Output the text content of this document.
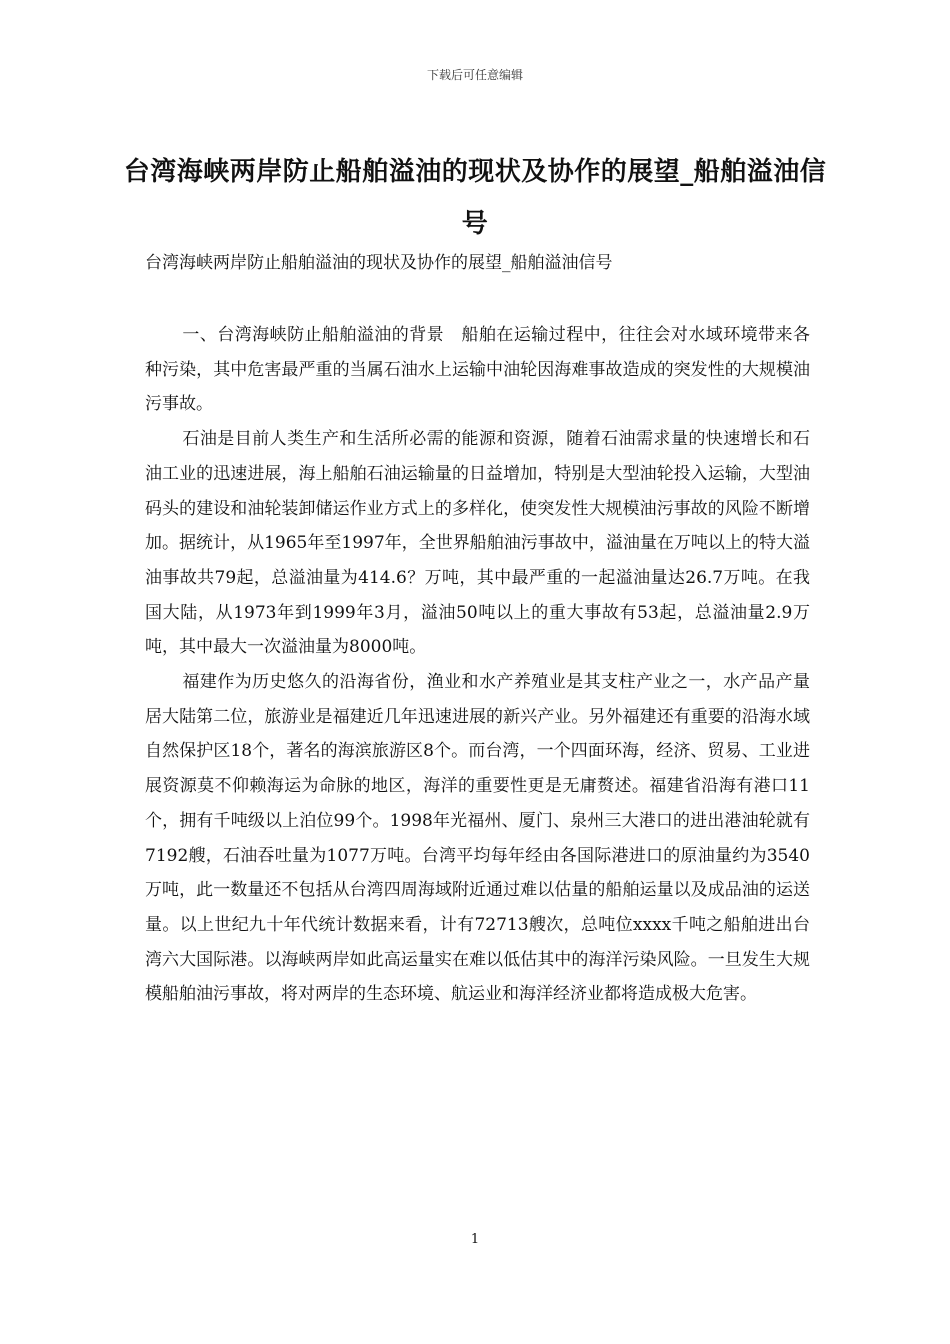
下载后可任意编辑
台湾海峡两岸防止船舶溢油的现状及协作的展望_船舶溢油信号
台湾海峡两岸防止船舶溢油的现状及协作的展望_船舶溢油信号

一、台湾海峡防止船舶溢油的背景　船舶在运输过程中，往往会对水域环境带来各种污染，其中危害最严重的当属石油水上运输中油轮因海难事故造成的突发性的大规模油污事故。

石油是目前人类生产和生活所必需的能源和资源，随着石油需求量的快速增长和石油工业的迅速进展，海上船舶石油运输量的日益增加，特别是大型油轮投入运输，大型油码头的建设和油轮装卸储运作业方式上的多样化，使突发性大规模油污事故的风险不断增加。据统计，从1965年至1997年，全世界船舶油污事故中，溢油量在万吨以上的特大溢油事故共79起，总溢油量为414.6？万吨，其中最严重的一起溢油量达26.7万吨。在我国大陆，从1973年到1999年3月，溢油50吨以上的重大事故有53起，总溢油量2.9万吨，其中最大一次溢油量为8000吨。

福建作为历史悠久的沿海省份，渔业和水产养殖业是其支柱产业之一，水产品产量居大陆第二位，旅游业是福建近几年迅速进展的新兴产业。另外福建还有重要的沿海水域自然保护区18个，著名的海滨旅游区8个。而台湾，一个四面环海，经济、贸易、工业进展资源莫不仰赖海运为命脉的地区，海洋的重要性更是无庸赘述。福建省沿海有港口11个，拥有千吨级以上泊位99个。1998年光福州、厦门、泉州三大港口的进出港油轮就有7192艘，石油吞吐量为1077万吨。台湾平均每年经由各国际港进口的原油量约为3540万吨，此一数量还不包括从台湾四周海域附近通过难以估量的船舶运量以及成品油的运送量。以上世纪九十年代统计数据来看，计有72713艘次，总吨位xxxx千吨之船舶进出台湾六大国际港。以海峡两岸如此高运量实在难以低估其中的海洋污染风险。一旦发生大规模船舶油污事故，将对两岸的生态环境、航运业和海洋经济业都将造成极大危害。

1
